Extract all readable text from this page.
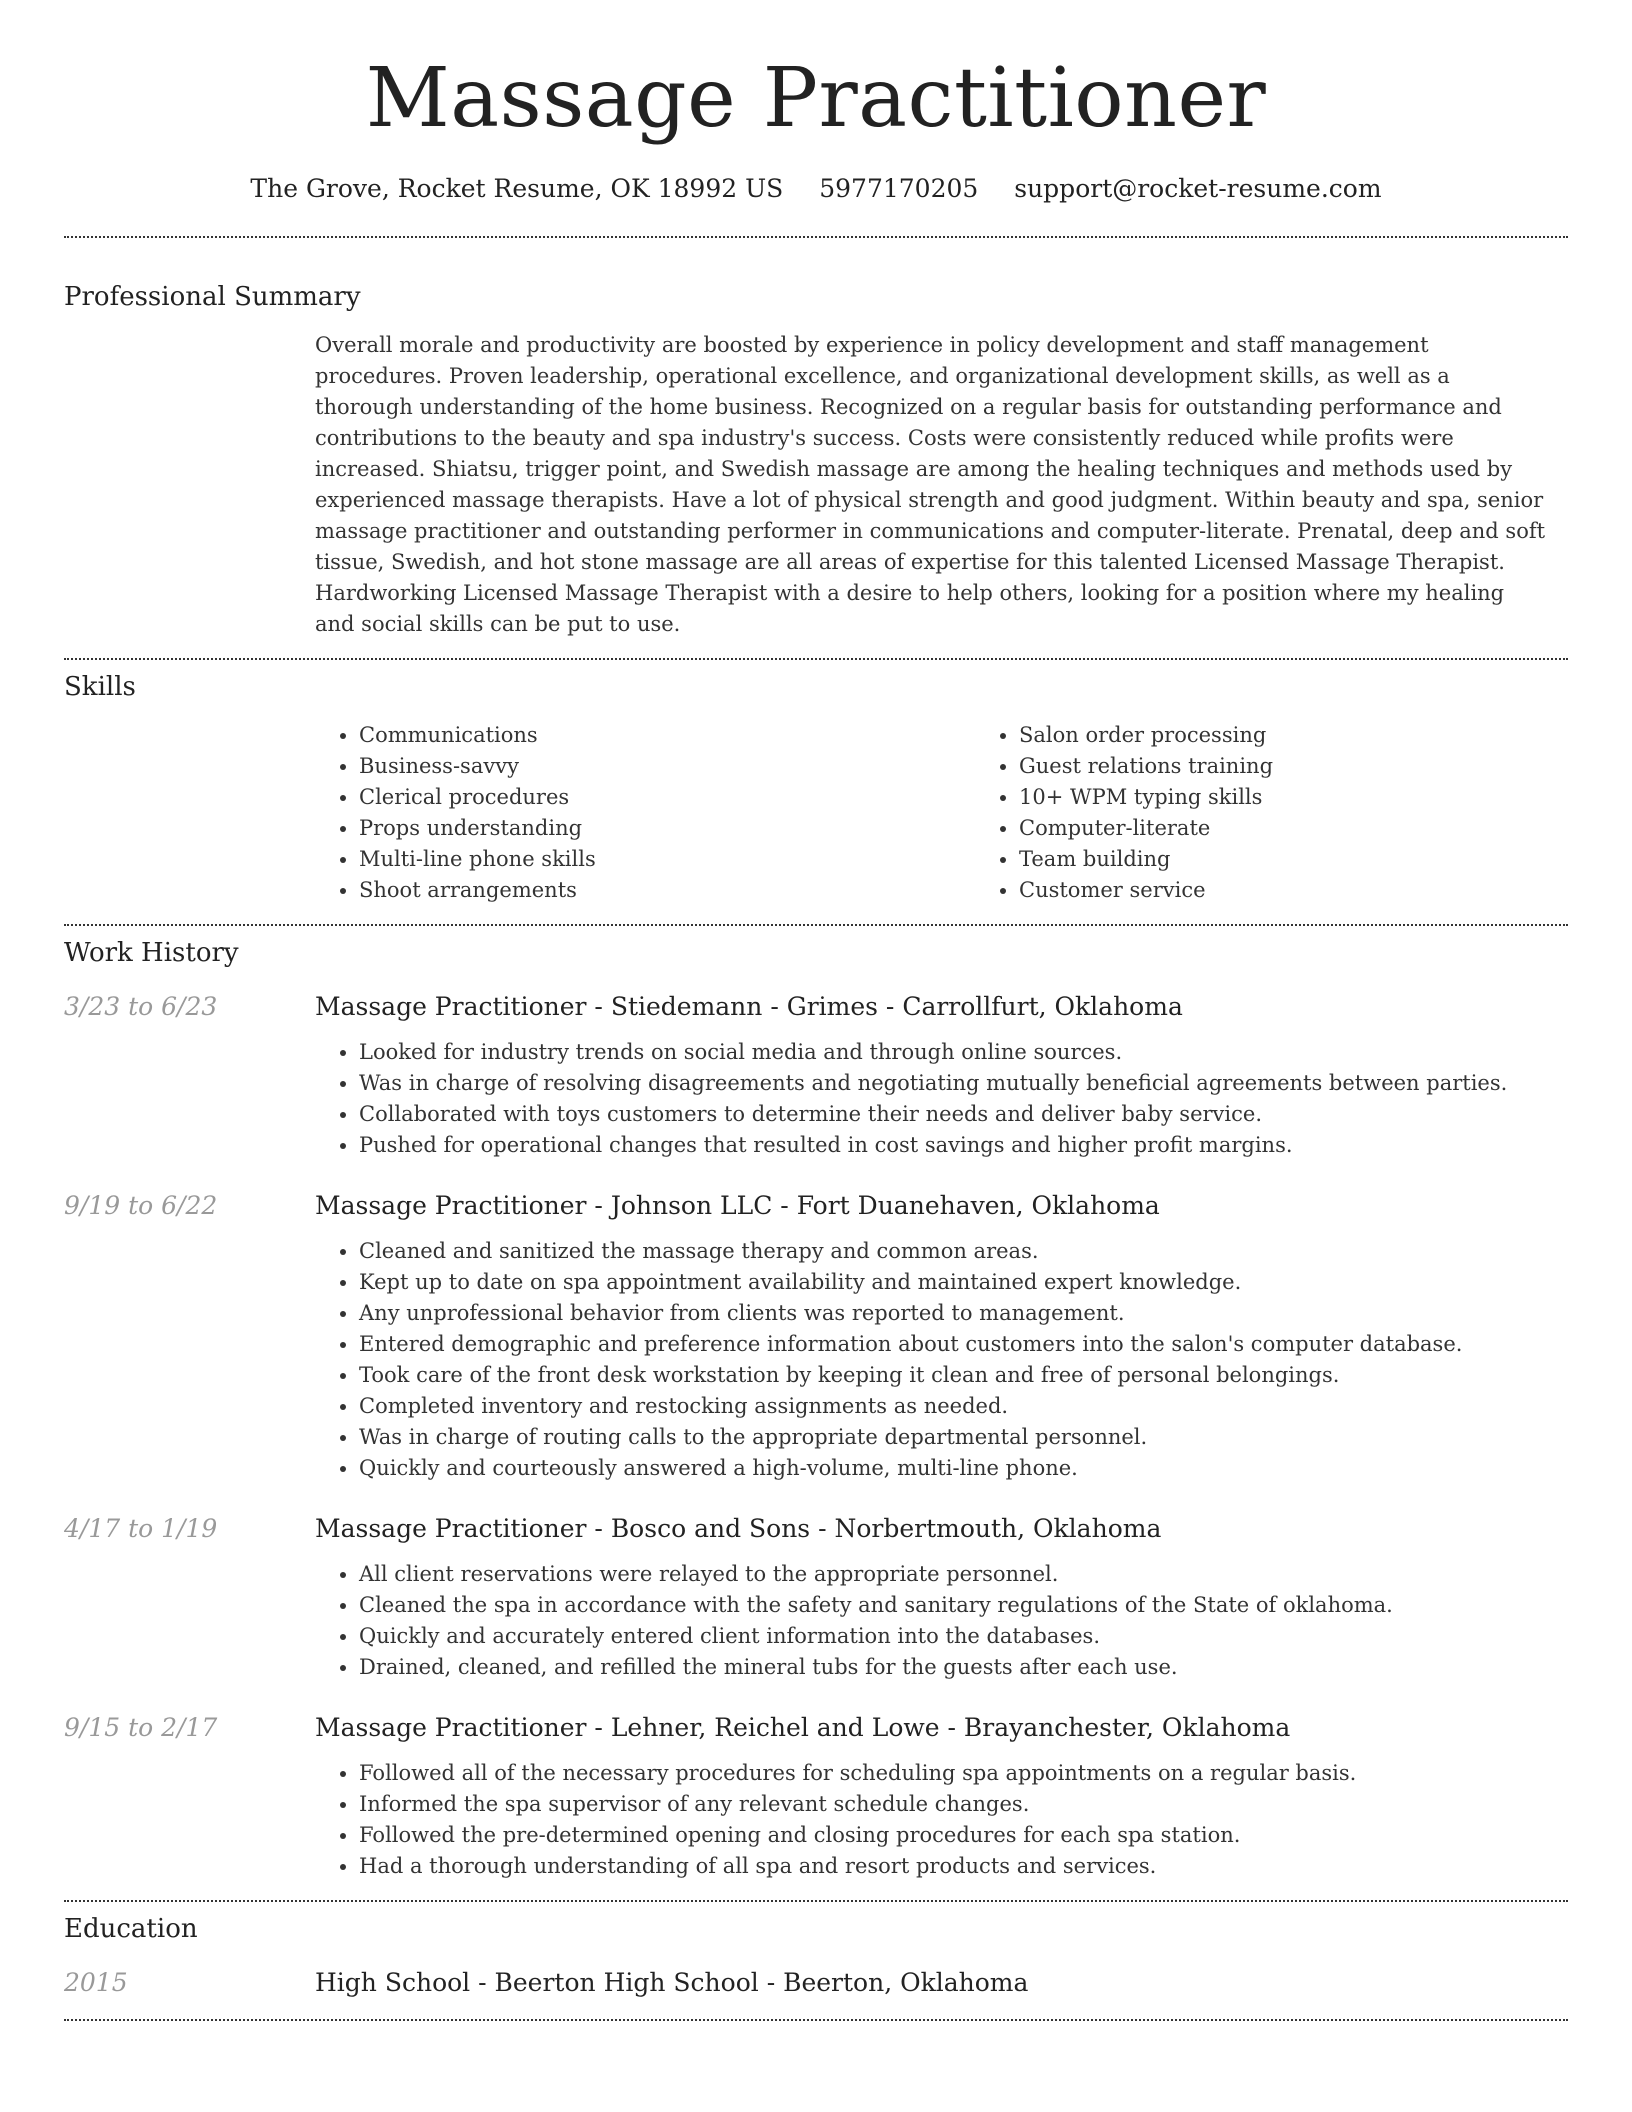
Massage Practitioner
The Grove, Rocket Resume, OK 18992 US 5977170205 support@rocket-resume.com
Professional Summary

Overall morale and productivity are boosted by experience in policy development and staff management procedures. Proven leadership, operational excellence, and organizational development skills, as well as a thorough understanding of the home business. Recognized on a regular basis for outstanding performance and contributions to the beauty and spa industry's success. Costs were consistently reduced while profits were increased. Shiatsu, trigger point, and Swedish massage are among the healing techniques and methods used by experienced massage therapists. Have a lot of physical strength and good judgment. Within beauty and spa, senior massage practitioner and outstanding performer in communications and computer-literate. Prenatal, deep and soft tissue, Swedish, and hot stone massage are all areas of expertise for this talented Licensed Massage Therapist. Hardworking Licensed Massage Therapist with a desire to help others, looking for a position where my healing and social skills can be put to use.

Skills
• Communications
• Business-savvy
• Clerical procedures
• Props understanding
• Multi-line phone skills
• Shoot arrangements
• Salon order processing
• Guest relations training
• 10+ WPM typing skills
• Computer-literate
• Team building
• Customer service
Work History
3/23 to 6/23	Massage Practitioner - Stiedemann - Grimes - Carrollfurt, Oklahoma
• Looked for industry trends on social media and through online sources.
• Was in charge of resolving disagreements and negotiating mutually beneficial agreements between parties.
• Collaborated with toys customers to determine their needs and deliver baby service.
• Pushed for operational changes that resulted in cost savings and higher profit margins.
9/19 to 6/22	Massage Practitioner - Johnson LLC - Fort Duanehaven, Oklahoma
• Cleaned and sanitized the massage therapy and common areas.
• Kept up to date on spa appointment availability and maintained expert knowledge.
• Any unprofessional behavior from clients was reported to management.
• Entered demographic and preference information about customers into the salon's computer database.
• Took care of the front desk workstation by keeping it clean and free of personal belongings.
• Completed inventory and restocking assignments as needed.
• Was in charge of routing calls to the appropriate departmental personnel.
• Quickly and courteously answered a high-volume, multi-line phone.
4/17 to 1/19	Massage Practitioner - Bosco and Sons - Norbertmouth, Oklahoma
• All client reservations were relayed to the appropriate personnel.
• Cleaned the spa in accordance with the safety and sanitary regulations of the State of oklahoma.
• Quickly and accurately entered client information into the databases.
• Drained, cleaned, and refilled the mineral tubs for the guests after each use.
9/15 to 2/17	Massage Practitioner - Lehner, Reichel and Lowe - Brayanchester, Oklahoma
• Followed all of the necessary procedures for scheduling spa appointments on a regular basis.
• Informed the spa supervisor of any relevant schedule changes.
• Followed the pre-determined opening and closing procedures for each spa station.
• Had a thorough understanding of all spa and resort products and services.
Education
2015	High School - Beerton High School - Beerton, Oklahoma
